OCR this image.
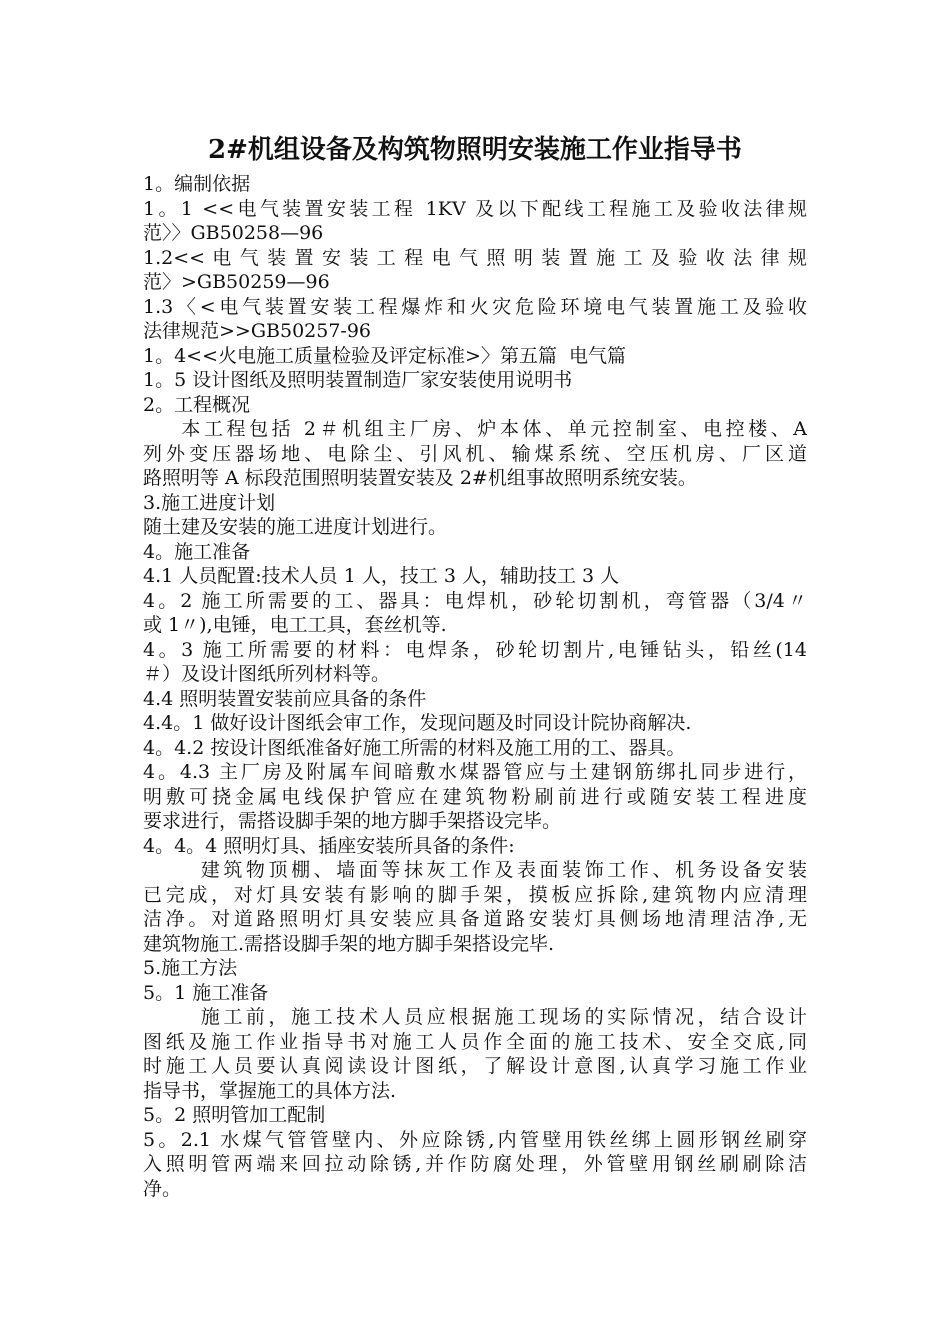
2#机组设备及构筑物照明安装施工作业指导书
1。编制依据
1。1 <<电气装置安装工程 1KV 及以下配线工程施工及验收法律规
范〉〉GB50258—96
1.2<< 电 气 装 置 安 装 工 程 电 气 照 明 装 置 施 工 及 验 收 法 律 规
范〉>GB50259—96
1.3〈<电气装置安装工程爆炸和火灾危险环境电气装置施工及验收
法律规范>>GB50257-96
1。4<<火电施工质量检验及评定标准>〉第五篇  电气篇
1。5 设计图纸及照明装置制造厂家安装使用说明书
2。工程概况
本工程包括 2＃机组主厂房、炉本体、单元控制室、电控楼、A
列外变压器场地、电除尘、引风机、输煤系统、空压机房、厂区道
路照明等 A 标段范围照明装置安装及 2#机组事故照明系统安装。
3.施工进度计划
随土建及安装的施工进度计划进行。
4。施工准备
4.1 人员配置:技术人员 1 人，技工 3 人，辅助技工 3 人
4。2 施工所需要的工、器具：电焊机，砂轮切割机，弯管器（3/4〃
或 1〃),电锤，电工工具，套丝机等.
4。3 施工所需要的材料：电焊条，砂轮切割片,电锤钻头，铅丝(14
＃）及设计图纸所列材料等。
4.4 照明装置安装前应具备的条件
4.4。1 做好设计图纸会审工作，发现问题及时同设计院协商解决.
4。4.2 按设计图纸准备好施工所需的材料及施工用的工、器具。
4。4.3 主厂房及附属车间暗敷水煤器管应与土建钢筋绑扎同步进行，
明敷可挠金属电线保护管应在建筑物粉刷前进行或随安装工程进度
要求进行，需搭设脚手架的地方脚手架搭设完毕。
4。4。4 照明灯具、插座安装所具备的条件:
建筑物顶棚、墙面等抹灰工作及表面装饰工作、机务设备安装
已完成，对灯具安装有影响的脚手架，摸板应拆除,建筑物内应清理
洁净。对道路照明灯具安装应具备道路安装灯具侧场地清理洁净,无
建筑物施工.需搭设脚手架的地方脚手架搭设完毕.
5.施工方法
5。1 施工准备
施工前，施工技术人员应根据施工现场的实际情况，结合设计
图纸及施工作业指导书对施工人员作全面的施工技术、安全交底,同
时施工人员要认真阅读设计图纸，了解设计意图,认真学习施工作业
指导书，掌握施工的具体方法.
5。2 照明管加工配制
5。2.1 水煤气管管壁内、外应除锈,内管壁用铁丝绑上圆形钢丝刷穿
入照明管两端来回拉动除锈,并作防腐处理，外管壁用钢丝刷刷除洁
净。
